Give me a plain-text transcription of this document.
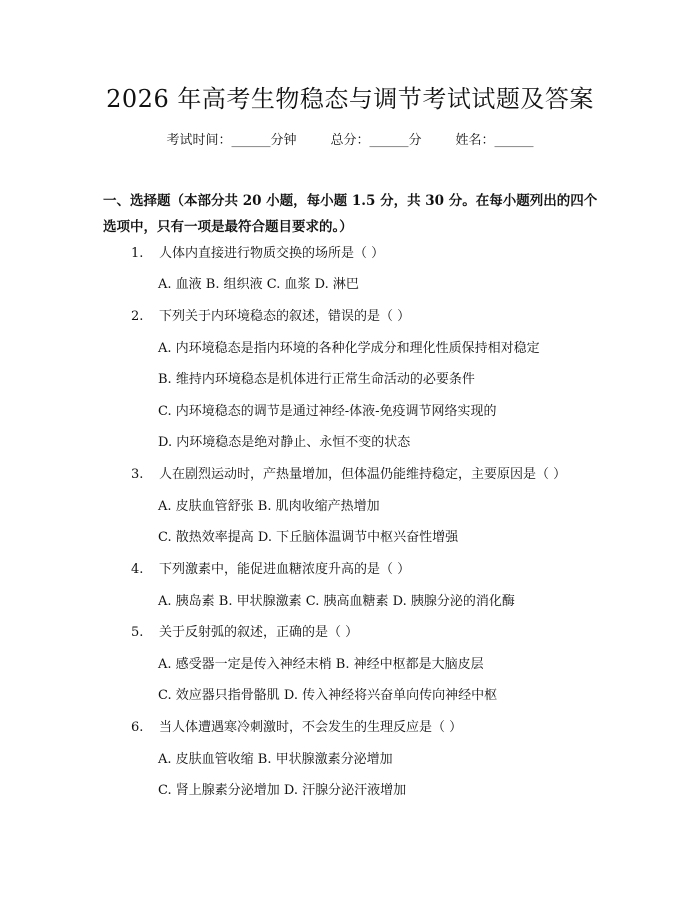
2026 年高考生物稳态与调节考试试题及答案
考试时间：______分钟	总分：______分	姓名：______
一、选择题（本部分共 20 小题，每小题 1.5 分，共 30 分。在每小题列出的四个选项中，只有一项是最符合题目要求的。）
1. 人体内直接进行物质交换的场所是（ ）
A. 血液 B. 组织液 C. 血浆 D. 淋巴
2. 下列关于内环境稳态的叙述，错误的是（ ）
A. 内环境稳态是指内环境的各种化学成分和理化性质保持相对稳定
B. 维持内环境稳态是机体进行正常生命活动的必要条件
C. 内环境稳态的调节是通过神经-体液-免疫调节网络实现的
D. 内环境稳态是绝对静止、永恒不变的状态
3. 人在剧烈运动时，产热量增加，但体温仍能维持稳定，主要原因是（ ）
A. 皮肤血管舒张 B. 肌肉收缩产热增加
C. 散热效率提高 D. 下丘脑体温调节中枢兴奋性增强
4. 下列激素中，能促进血糖浓度升高的是（ ）
A. 胰岛素 B. 甲状腺激素 C. 胰高血糖素 D. 胰腺分泌的消化酶
5. 关于反射弧的叙述，正确的是（ ）
A. 感受器一定是传入神经末梢 B. 神经中枢都是大脑皮层
C. 效应器只指骨骼肌 D. 传入神经将兴奋单向传向神经中枢
6. 当人体遭遇寒冷刺激时，不会发生的生理反应是（ ）
A. 皮肤血管收缩 B. 甲状腺激素分泌增加
C. 肾上腺素分泌增加 D. 汗腺分泌汗液增加
